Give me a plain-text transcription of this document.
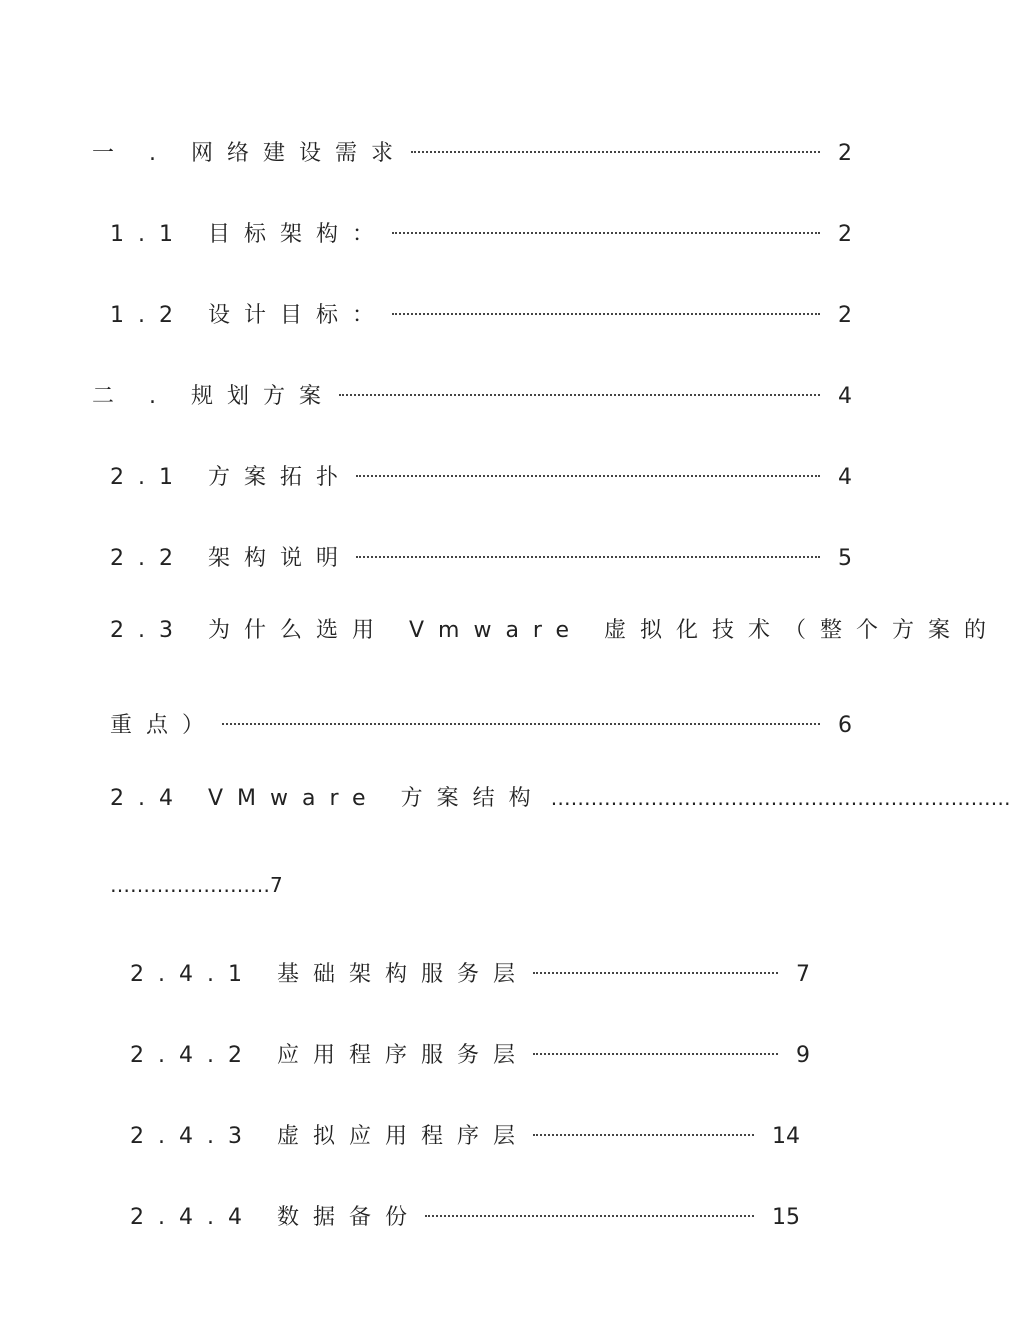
一 . 网络建设需求	2
1.1 目标架构：	2
1.2 设计目标：	2
二 . 规划方案	4
2.1 方案拓扑	4
2.2 架构说明	5
2.3 为什么选用 Vmware 虚拟化技术（整个方案的
重点）	6
2.4 VMware 方案结构 ……………………………………………………………
……………………7
2.4.1 基础架构服务层	7
2.4.2 应用程序服务层	9
2.4.3 虚拟应用程序层	14
2.4.4 数据备份	15
